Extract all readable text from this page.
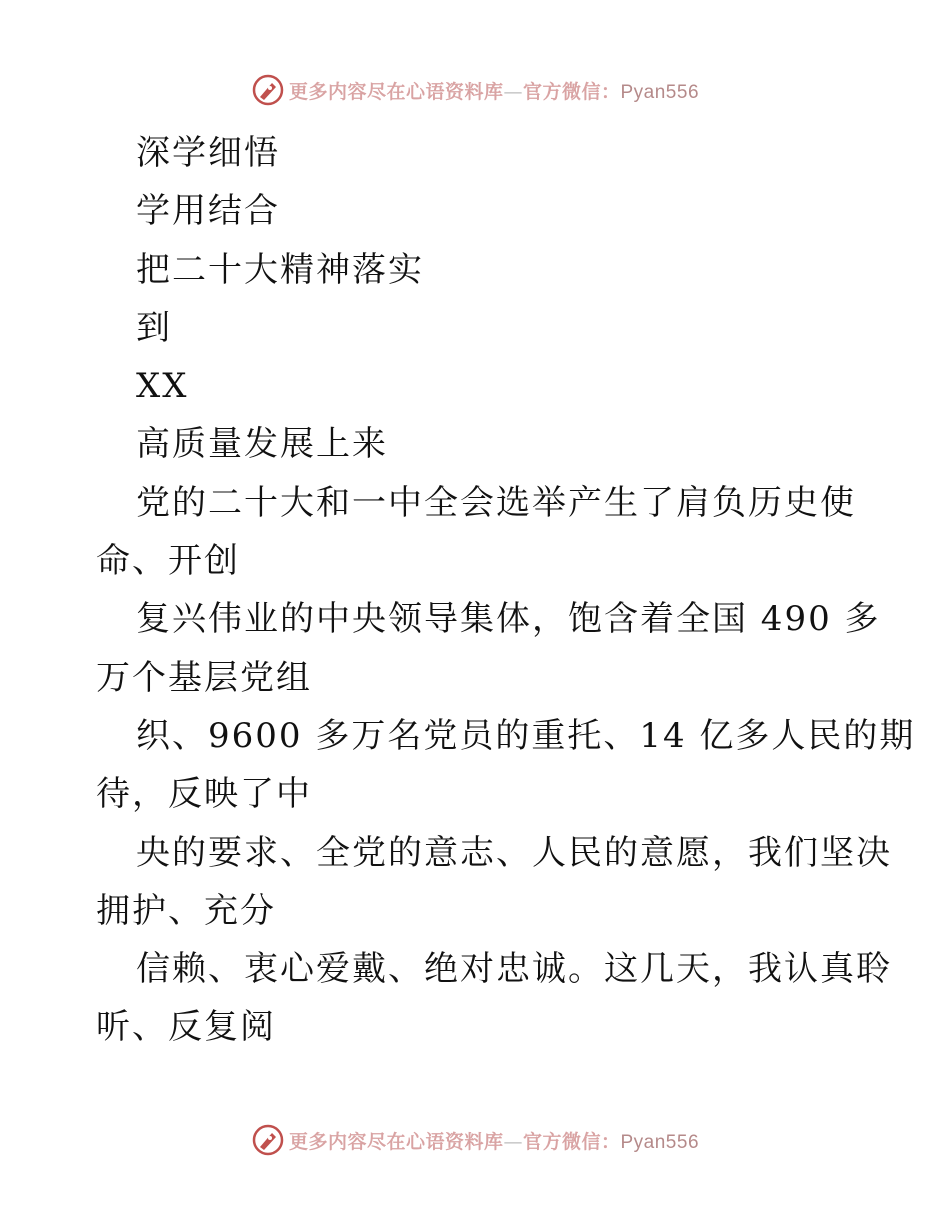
更多内容尽在心语资料库—官方微信：Pyan556
深学细悟
学用结合
把二十大精神落实
到
XX
高质量发展上来
党的二十大和一中全会选举产生了肩负历史使
命、开创
复兴伟业的中央领导集体，饱含着全国 490 多
万个基层党组
织、9600 多万名党员的重托、14 亿多人民的期
待，反映了中
央的要求、全党的意志、人民的意愿，我们坚决
拥护、充分
信赖、衷心爱戴、绝对忠诚。这几天，我认真聆
听、反复阅
更多内容尽在心语资料库—官方微信：Pyan556
